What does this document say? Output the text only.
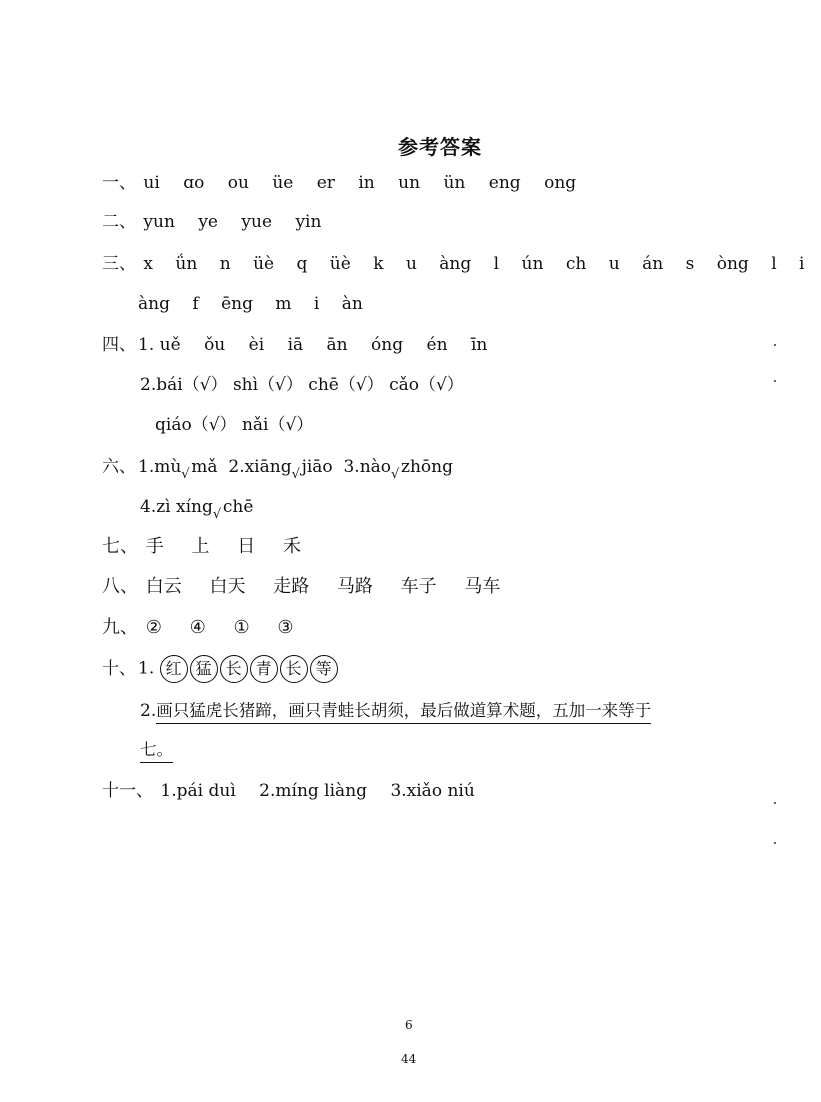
参考答案
一、 ui ɑo ou üe er in un ün eng ong
二、 yun ye yue yin
三、 x ǘn n üè q üè k u àng l ún ch u án s òng l i
àng f ēng m i àn
四、 1. uě ǒu èi iā ān óng én īn
2.bái（√） shì（√） chē（√） cǎo（√）
qiáo（√） nǎi（√）
六、 1.mù√ mǎ 2.xiāng√ jiāo 3.nào√ zhōng
4.zì xíng√ chē
七、 手 上 日 禾
八、 白云 白天 走路 马路 车子 马车
九、 ② ④ ① ③
十、 1. 红 猛 长 青 长 等
2.画只猛虎长猪蹄，画只青蛙长胡须，最后做道算术题，五加一来等于
七。
十一、 1.pái duì 2.míng liàng 3.xiǎo niú
6
44
